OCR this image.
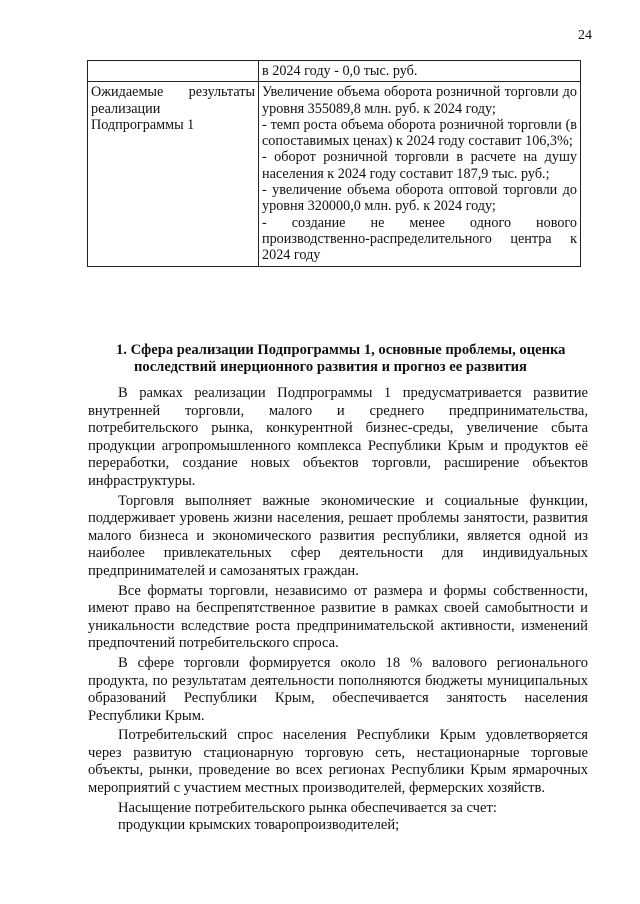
24
	в 2024 году - 0,0 тыс. руб.
Ожидаемые результаты реализации Подпрограммы 1	Увеличение объема оборота розничной торговли до уровня 355089,8 млн. руб. к 2024 году;
- темп роста объема оборота розничной торговли (в сопоставимых ценах) к 2024 году составит 106,3%;
- оборот розничной торговли в расчете на душу населения к 2024 году составит 187,9 тыс. руб.;
- увеличение объема оборота оптовой торговли до уровня 320000,0 млн. руб. к 2024 году;
- создание не менее одного нового производственно-распределительного центра к 2024 году
1. Сфера реализации Подпрограммы 1, основные проблемы, оценка
последствий инерционного развития и прогноз ее развития

В рамках реализации Подпрограммы 1 предусматривается развитие внутренней торговли, малого и среднего предпринимательства, потребительского рынка, конкурентной бизнес-среды, увеличение сбыта продукции агропромышленного комплекса Республики Крым и продуктов её переработки, создание новых объектов торговли, расширение объектов инфраструктуры.

Торговля выполняет важные экономические и социальные функции, поддерживает уровень жизни населения, решает проблемы занятости, развития малого бизнеса и экономического развития республики, является одной из наиболее привлекательных сфер деятельности для индивидуальных предпринимателей и самозанятых граждан.

Все форматы торговли, независимо от размера и формы собственности, имеют право на беспрепятственное развитие в рамках своей самобытности и уникальности вследствие роста предпринимательской активности, изменений предпочтений потребительского спроса.

В сфере торговли формируется около 18 % валового регионального продукта, по результатам деятельности пополняются бюджеты муниципальных образований Республики Крым, обеспечивается занятость населения Республики Крым.

Потребительский спрос населения Республики Крым удовлетворяется через развитую стационарную торговую сеть, нестационарные торговые объекты, рынки, проведение во всех регионах Республики Крым ярмарочных мероприятий с участием местных производителей, фермерских хозяйств.

Насыщение потребительского рынка обеспечивается за счет:

продукции крымских товаропроизводителей;
